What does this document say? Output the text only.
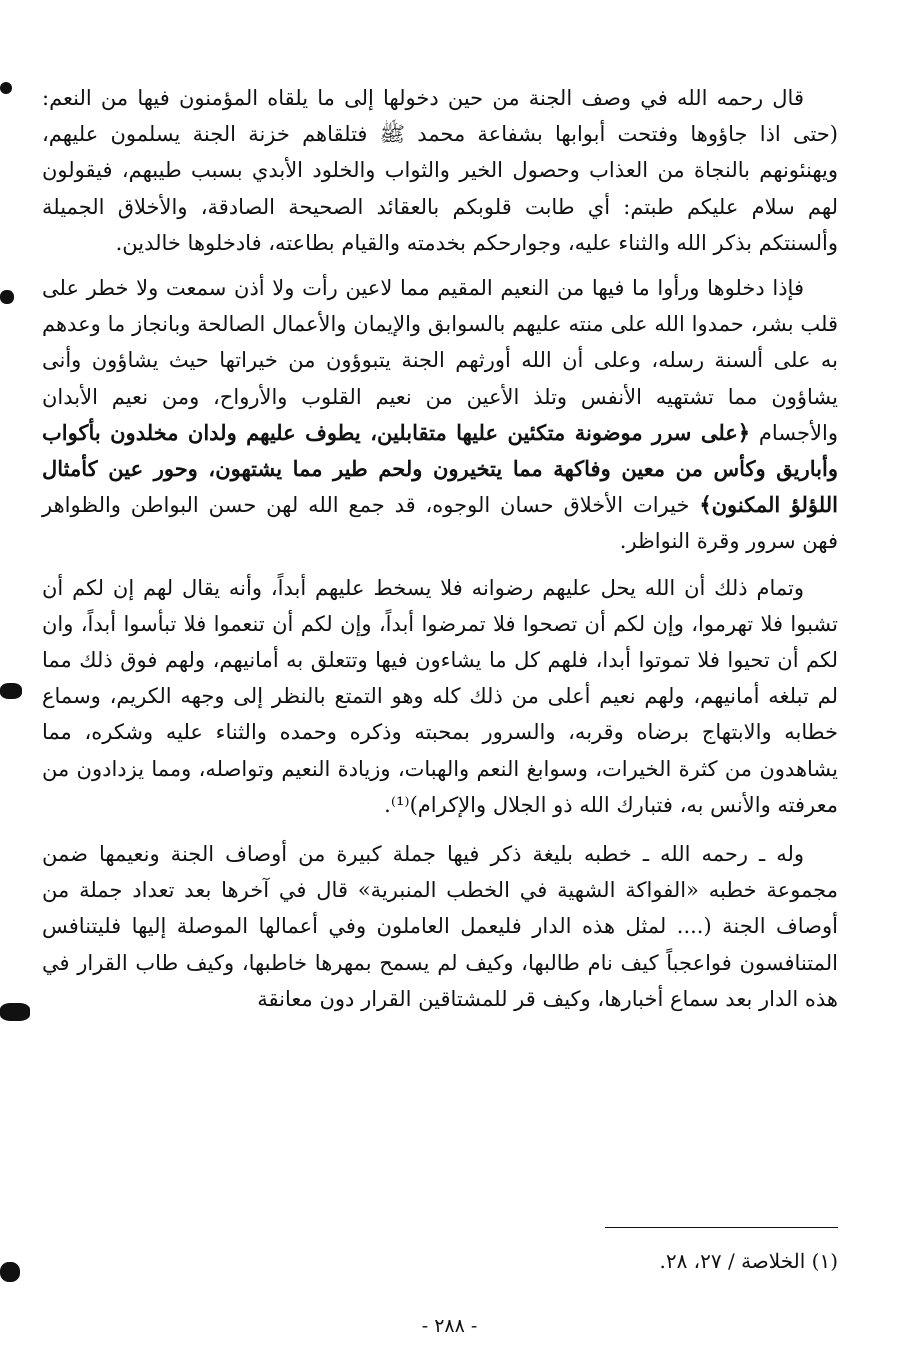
قال رحمه الله في وصف الجنة من حين دخولها إلى ما يلقاه المؤمنون فيها من النعم: (حتى اذا جاؤوها وفتحت أبوابها بشفاعة محمد ﷺ فتلقاهم خزنة الجنة يسلمون عليهم، ويهنئونهم بالنجاة من العذاب وحصول الخير والثواب والخلود الأبدي بسبب طيبهم، فيقولون لهم سلام عليكم طبتم: أي طابت قلوبكم بالعقائد الصحيحة الصادقة، والأخلاق الجميلة وألسنتكم بذكر الله والثناء عليه، وجوارحكم بخدمته والقيام بطاعته، فادخلوها خالدين.

فإذا دخلوها ورأوا ما فيها من النعيم المقيم مما لاعين رأت ولا أذن سمعت ولا خطر على قلب بشر، حمدوا الله على منته عليهم بالسوابق والإيمان والأعمال الصالحة وبانجاز ما وعدهم به على ألسنة رسله، وعلى أن الله أورثهم الجنة يتبوؤون من خيراتها حيث يشاؤون وأنى يشاؤون مما تشتهيه الأنفس وتلذ الأعين من نعيم القلوب والأرواح، ومن نعيم الأبدان والأجسام ﴿على سرر موضونة متكئين عليها متقابلين، يطوف عليهم ولدان مخلدون بأكواب وأباريق وكأس من معين وفاكهة مما يتخيرون ولحم طير مما يشتهون، وحور عين كأمثال اللؤلؤ المكنون﴾ خيرات الأخلاق حسان الوجوه، قد جمع الله لهن حسن البواطن والظواهر فهن سرور وقرة النواظر.

وتمام ذلك أن الله يحل عليهم رضوانه فلا يسخط عليهم أبداً، وأنه يقال لهم إن لكم أن تشبوا فلا تهرموا، وإن لكم أن تصحوا فلا تمرضوا أبداً، وإن لكم أن تنعموا فلا تبأسوا أبداً، وان لكم أن تحيوا فلا تموتوا أبدا، فلهم كل ما يشاءون فيها وتتعلق به أمانيهم، ولهم فوق ذلك مما لم تبلغه أمانيهم، ولهم نعيم أعلى من ذلك كله وهو التمتع بالنظر إلى وجهه الكريم، وسماع خطابه والابتهاج برضاه وقربه، والسرور بمحبته وذكره وحمده والثناء عليه وشكره، مما يشاهدون من كثرة الخيرات، وسوابغ النعم والهبات، وزيادة النعيم وتواصله، ومما يزدادون من معرفته والأنس به، فتبارك الله ذو الجلال والإكرام)⁽¹⁾.

وله ـ رحمه الله ـ خطبه بليغة ذكر فيها جملة كبيرة من أوصاف الجنة ونعيمها ضمن مجموعة خطبه «الفواكة الشهية في الخطب المنبرية» قال في آخرها بعد تعداد جملة من أوصاف الجنة (.... لمثل هذه الدار فليعمل العاملون وفي أعمالها الموصلة إليها فليتنافس المتنافسون فواعجباً كيف نام طالبها، وكيف لم يسمح بمهرها خاطبها، وكيف طاب القرار في هذه الدار بعد سماع أخبارها، وكيف قر للمشتاقين القرار دون معانقة

(١) الخلاصة / ٢٧، ٢٨.
- ٢٨٨ -
